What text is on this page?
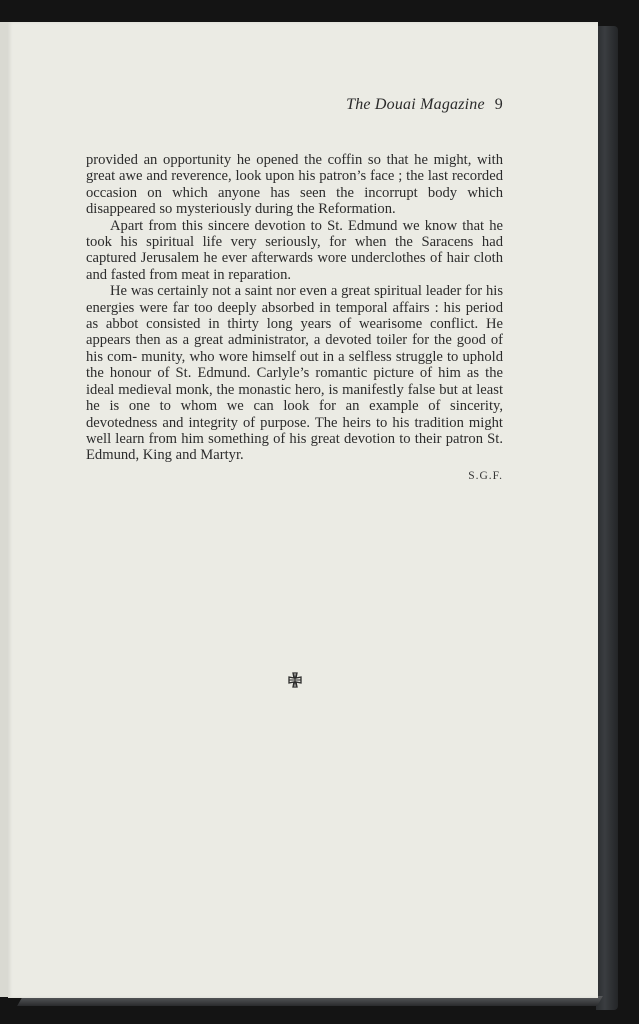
The Douai Magazine 9

provided an opportunity he opened the coffin so that he might, with great awe and reverence, look upon his patron’s face ; the last recorded occasion on which anyone has seen the incorrupt body which disappeared so mysteriously during the Reformation.

Apart from this sincere devotion to St. Edmund we know that he took his spiritual life very seriously, for when the Saracens had captured Jerusalem he ever afterwards wore underclothes of hair cloth and fasted from meat in reparation.

He was certainly not a saint nor even a great spiritual leader for his energies were far too deeply absorbed in temporal affairs : his period as abbot consisted in thirty long years of wearisome conflict. He appears then as a great administrator, a devoted toiler for the good of his com- munity, who wore himself out in a selfless struggle to uphold the honour of St. Edmund. Carlyle’s romantic picture of him as the ideal medieval monk, the monastic hero, is manifestly false but at least he is one to whom we can look for an example of sincerity, devotedness and integrity of purpose. The heirs to his tradition might well learn from him something of his great devotion to their patron St. Edmund, King and Martyr.

S.G.F.
